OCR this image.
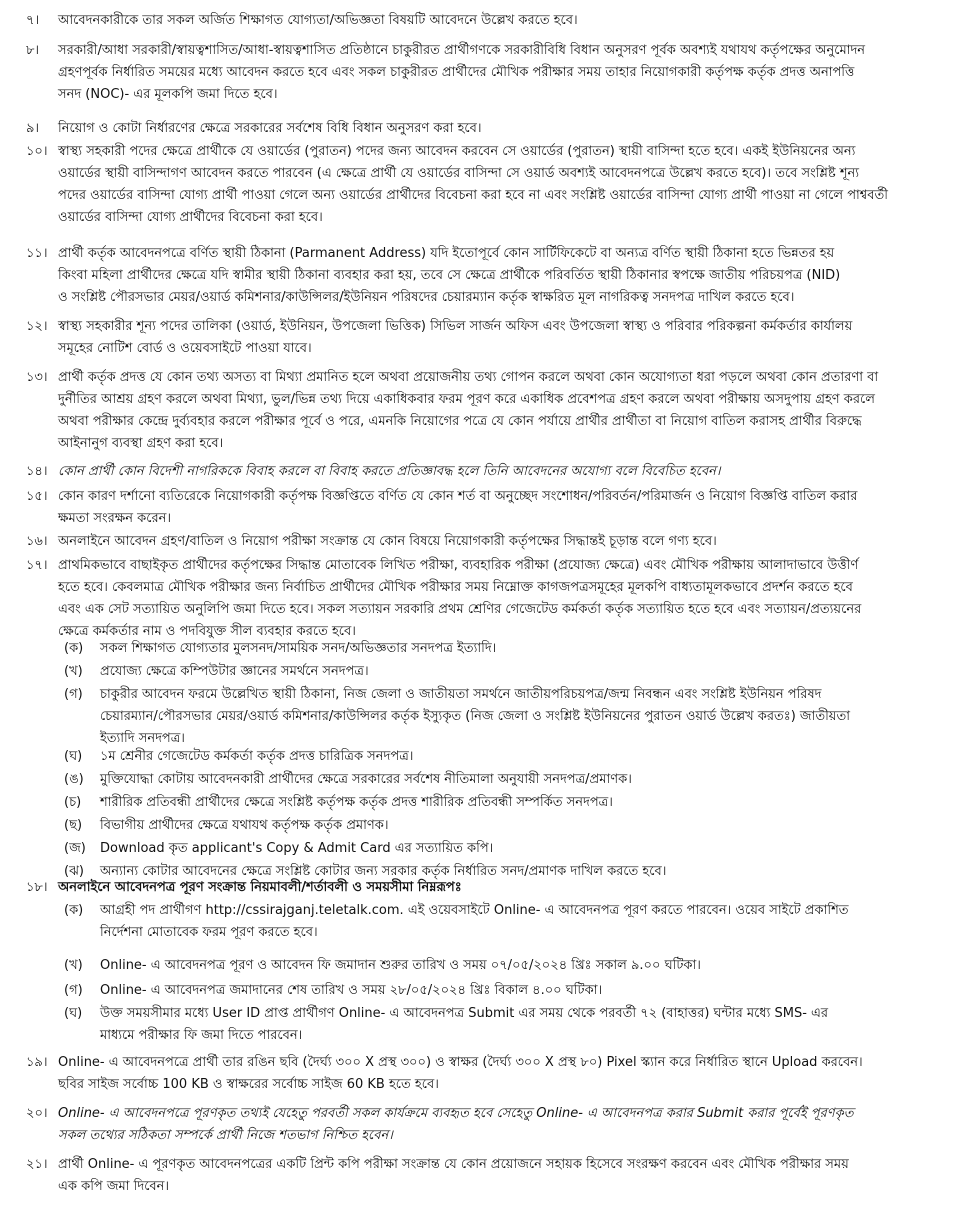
৭। আবেদনকারীকে তার সকল অর্জিত শিক্ষাগত যোগ্যতা/অভিজ্ঞতা বিষয়টি আবেদনে উল্লেখ করতে হবে।

৮। সরকারী/আধা সরকারী/স্বায়ত্বশাসিত/আধা-স্বায়ত্বশাসিত প্রতিষ্ঠানে চাকুরীরত প্রার্থীগণকে সরকারীবিধি বিধান অনুসরণ পূর্বক অবশ্যই যথাযথ কর্তৃপক্ষের অনুমোদন

গ্রহণপূর্বক নির্ধারিত সময়ের মধ্যে আবেদন করতে হবে এবং সকল চাকুরীরত প্রার্থীদের মৌখিক পরীক্ষার সময় তাহার নিয়োগকারী কর্তৃপক্ষ কর্তৃক প্রদত্ত অনাপত্তি

সনদ (NOC)- এর মূলকপি জমা দিতে হবে।

৯। নিয়োগ ও কোটা নির্ধারণের ক্ষেত্রে সরকারের সর্বশেষ বিধি বিধান অনুসরণ করা হবে।

১০। স্বাস্থ্য সহকারী পদের ক্ষেত্রে প্রার্থীকে যে ওয়ার্ডের (পুরাতন) পদের জন্য আবেদন করবেন সে ওয়ার্ডের (পুরাতন) স্থায়ী বাসিন্দা হতে হবে। একই ইউনিয়নের অন্য

ওয়ার্ডের স্থায়ী বাসিন্দাগণ আবেদন করতে পারবেন (এ ক্ষেত্রে প্রার্থী যে ওয়ার্ডের বাসিন্দা সে ওয়ার্ড অবশ্যই আবেদনপত্রে উল্লেখ করতে হবে)। তবে সংশ্লিষ্ট শূন্য

পদের ওয়ার্ডের বাসিন্দা যোগ্য প্রার্থী পাওয়া গেলে অন্য ওয়ার্ডের প্রার্থীদের বিবেচনা করা হবে না এবং সংশ্লিষ্ট ওয়ার্ডের বাসিন্দা যোগ্য প্রার্থী পাওয়া না গেলে পাশ্ববর্তী

ওয়ার্ডের বাসিন্দা যোগ্য প্রার্থীদের বিবেচনা করা হবে।

১১। প্রার্থী কর্তৃক আবেদনপত্রে বর্ণিত স্থায়ী ঠিকানা (Parmanent Address) যদি ইতোপূর্বে কোন সার্টিফিকেটে বা অন্যত্র বর্ণিত স্থায়ী ঠিকানা হতে ভিন্নতর হয়

কিংবা মহিলা প্রার্থীদের ক্ষেত্রে যদি স্বামীর স্থায়ী ঠিকানা ব্যবহার করা হয়, তবে সে ক্ষেত্রে প্রার্থীকে পরিবর্তিত স্থায়ী ঠিকানার স্বপক্ষে জাতীয় পরিচয়পত্র (NID)

ও সংশ্লিষ্ট পৌরসভার মেয়র/ওয়ার্ড কমিশনার/কাউন্সিলর/ইউনিয়ন পরিষদের চেয়ারম্যান কর্তৃক স্বাক্ষরিত মূল নাগরিকত্ব সনদপত্র দাখিল করতে হবে।

১২। স্বাস্থ্য সহকারীর শূন্য পদের তালিকা (ওয়ার্ড, ইউনিয়ন, উপজেলা ভিত্তিক) সিভিল সার্জন অফিস এবং উপজেলা স্বাস্থ্য ও পরিবার পরিকল্পনা কর্মকর্তার কার্যালয়

সমূহের নোটিশ বোর্ড ও ওয়েবসাইটে পাওয়া যাবে।

১৩। প্রার্থী কর্তৃক প্রদত্ত যে কোন তথ্য অসত্য বা মিথ্যা প্রমানিত হলে অথবা প্রয়োজনীয় তথ্য গোপন করলে অথবা কোন অযোগ্যতা ধরা পড়লে অথবা কোন প্রতারণা বা

দুর্নীতির আশ্রয় গ্রহণ করলে অথবা মিথ্যা, ভুল/ভিন্ন তথ্য দিয়ে একাধিকবার ফরম পূরণ করে একাধিক প্রবেশপত্র গ্রহণ করলে অথবা পরীক্ষায় অসদুপায় গ্রহণ করলে

অথবা পরীক্ষার কেন্দ্রে দুর্ব্যবহার করলে পরীক্ষার পূর্বে ও পরে, এমনকি নিয়োগের পত্রে যে কোন পর্যায়ে প্রার্থীর প্রার্থীতা বা নিয়োগ বাতিল করাসহ প্রার্থীর বিরুদ্ধে

আইনানুগ ব্যবস্থা গ্রহণ করা হবে।

১৪। কোন প্রার্থী কোন বিদেশী নাগরিককে বিবাহ করলে বা বিবাহ করতে প্রতিজ্ঞাবদ্ধ হলে তিনি আবেদনের অযোগ্য বলে বিবেচিত হবেন।

১৫। কোন কারণ দর্শানো ব্যতিরেকে নিয়োগকারী কর্তৃপক্ষ বিজ্ঞপ্তিতে বর্ণিত যে কোন শর্ত বা অনুচ্ছেদ সংশোধন/পরিবর্তন/পরিমার্জন ও নিয়োগ বিজ্ঞপ্তি বাতিল করার

ক্ষমতা সংরক্ষন করেন।

১৬। অনলাইনে আবেদন গ্রহণ/বাতিল ও নিয়োগ পরীক্ষা সংক্রান্ত যে কোন বিষয়ে নিয়োগকারী কর্তৃপক্ষের সিদ্ধান্তই চূড়ান্ত বলে গণ্য হবে।

১৭। প্রাথমিকভাবে বাছাইকৃত প্রার্থীদের কর্তৃপক্ষের সিদ্ধান্ত মোতাবেক লিখিত পরীক্ষা, ব্যবহারিক পরীক্ষা (প্রযোজ্য ক্ষেত্রে) এবং মৌখিক পরীক্ষায় আলাদাভাবে উত্তীর্ণ

হতে হবে। কেবলমাত্র মৌখিক পরীক্ষার জন্য নির্বাচিত প্রার্থীদের মৌখিক পরীক্ষার সময় নিম্নোক্ত কাগজপত্রসমূহের মূলকপি বাধ্যতামূলকভাবে প্রদর্শন করতে হবে

এবং এক সেট সত্যায়িত অনুলিপি জমা দিতে হবে। সকল সত্যায়ন সরকারি প্রথম শ্রেণির গেজেটেড কর্মকর্তা কর্তৃক সত্যায়িত হতে হবে এবং সত্যায়ন/প্রত্যয়নের

ক্ষেত্রে কর্মকর্তার নাম ও পদবিযুক্ত সীল ব্যবহার করতে হবে।

১৮। অনলাইনে আবেদনপত্র পূরণ সংক্রান্ত নিয়মাবলী/শর্তাবলী ও সময়সীমা নিম্নরূপঃ

১৯। Online- এ আবেদনপত্রে প্রার্থী তার রঙিন ছবি (দৈর্ঘ্য ৩০০ X প্রস্থ ৩০০) ও স্বাক্ষর (দৈর্ঘ্য ৩০০ X প্রস্থ ৮০) Pixel স্ক্যান করে নির্ধারিত স্থানে Upload করবেন।

ছবির সাইজ সর্বোচ্চ 100 KB ও স্বাক্ষরের সর্বোচ্চ সাইজ 60 KB হতে হবে।

২০। Online- এ আবেদনপত্রে পূরণকৃত তথ্যই যেহেতু পরবর্তী সকল কার্যক্রমে ব্যবহৃত হবে সেহেতু Online- এ আবেদনপত্র করার Submit করার পূর্বেই পূরণকৃত

সকল তথ্যের সঠিকতা সম্পর্কে প্রার্থী নিজে শতভাগ নিশ্চিত হবেন।

২১। প্রার্থী Online- এ পূরণকৃত আবেদনপত্রের একটি প্রিন্ট কপি পরীক্ষা সংক্রান্ত যে কোন প্রয়োজনে সহায়ক হিসেবে সংরক্ষণ করবেন এবং মৌখিক পরীক্ষার সময়

এক কপি জমা দিবেন।

(ক) সকল শিক্ষাগত যোগ্যতার মুলসনদ/সাময়িক সনদ/অভিজ্ঞতার সনদপত্র ইত্যাদি।

(খ) প্রযোজ্য ক্ষেত্রে কম্পিউটার জ্ঞানের সমর্থনে সনদপত্র।

(গ) চাকুরীর আবেদন ফরমে উল্লেখিত স্থায়ী ঠিকানা, নিজ জেলা ও জাতীয়তা সমর্থনে জাতীয়পরিচয়পত্র/জন্ম নিবন্ধন এবং সংশ্লিষ্ট ইউনিয়ন পরিষদ

চেয়ারম্যান/পৌরসভার মেয়র/ওয়ার্ড কমিশনার/কাউন্সিলর কর্তৃক ইস্যুকৃত (নিজ জেলা ও সংশ্লিষ্ট ইউনিয়নের পুরাতন ওয়ার্ড উল্লেখ করতঃ) জাতীয়তা

ইত্যাদি সনদপত্র।

(ঘ) ১ম শ্রেনীর গেজেটেড কর্মকর্তা কর্তৃক প্রদত্ত চারিত্রিক সনদপত্র।

(ঙ) মুক্তিযোদ্ধা কোটায় আবেদনকারী প্রার্থীদের ক্ষেত্রে সরকারের সর্বশেষ নীতিমালা অনুযায়ী সনদপত্র/প্রমাণক।

(চ) শারীরিক প্রতিবন্ধী প্রার্থীদের ক্ষেত্রে সংশ্লিষ্ট কর্তৃপক্ষ কর্তৃক প্রদত্ত শারীরিক প্রতিবন্ধী সম্পর্কিত সনদপত্র।

(ছ) বিভাগীয় প্রার্থীদের ক্ষেত্রে যথাযথ কর্তৃপক্ষ কর্তৃক প্রমাণক।

(জ) Download কৃত applicant's Copy & Admit Card এর সত্যায়িত কপি।

(ঝ) অন্যান্য কোটার আবেদনের ক্ষেত্রে সংশ্লিষ্ট কোটার জন্য সরকার কর্তৃক নির্ধারিত সনদ/প্রমাণক দাখিল করতে হবে।

(ক) আগ্রহী পদ প্রার্থীগণ http://cssirajganj.teletalk.com. এই ওয়েবসাইটে Online- এ আবেদনপত্র পূরণ করতে পারবেন। ওয়েব সাইটে প্রকাশিত

নির্দেশনা মোতাবেক ফরম পূরণ করতে হবে।

(খ) Online- এ আবেদনপত্র পূরণ ও আবেদন ফি জমাদান শুরুর তারিখ ও সময় ০৭/০৫/২০২৪ খ্রিঃ সকাল ৯.০০ ঘটিকা।

(গ) Online- এ আবেদনপত্র জমাদানের শেষ তারিখ ও সময় ২৮/০৫/২০২৪ খ্রিঃ বিকাল ৪.০০ ঘটিকা।

(ঘ) উক্ত সময়সীমার মধ্যে User ID প্রাপ্ত প্রার্থীগণ Online- এ আবেদনপত্র Submit এর সময় থেকে পরবর্তী ৭২ (বাহাত্তর) ঘন্টার মধ্যে SMS- এর

মাধ্যমে পরীক্ষার ফি জমা দিতে পারবেন।
